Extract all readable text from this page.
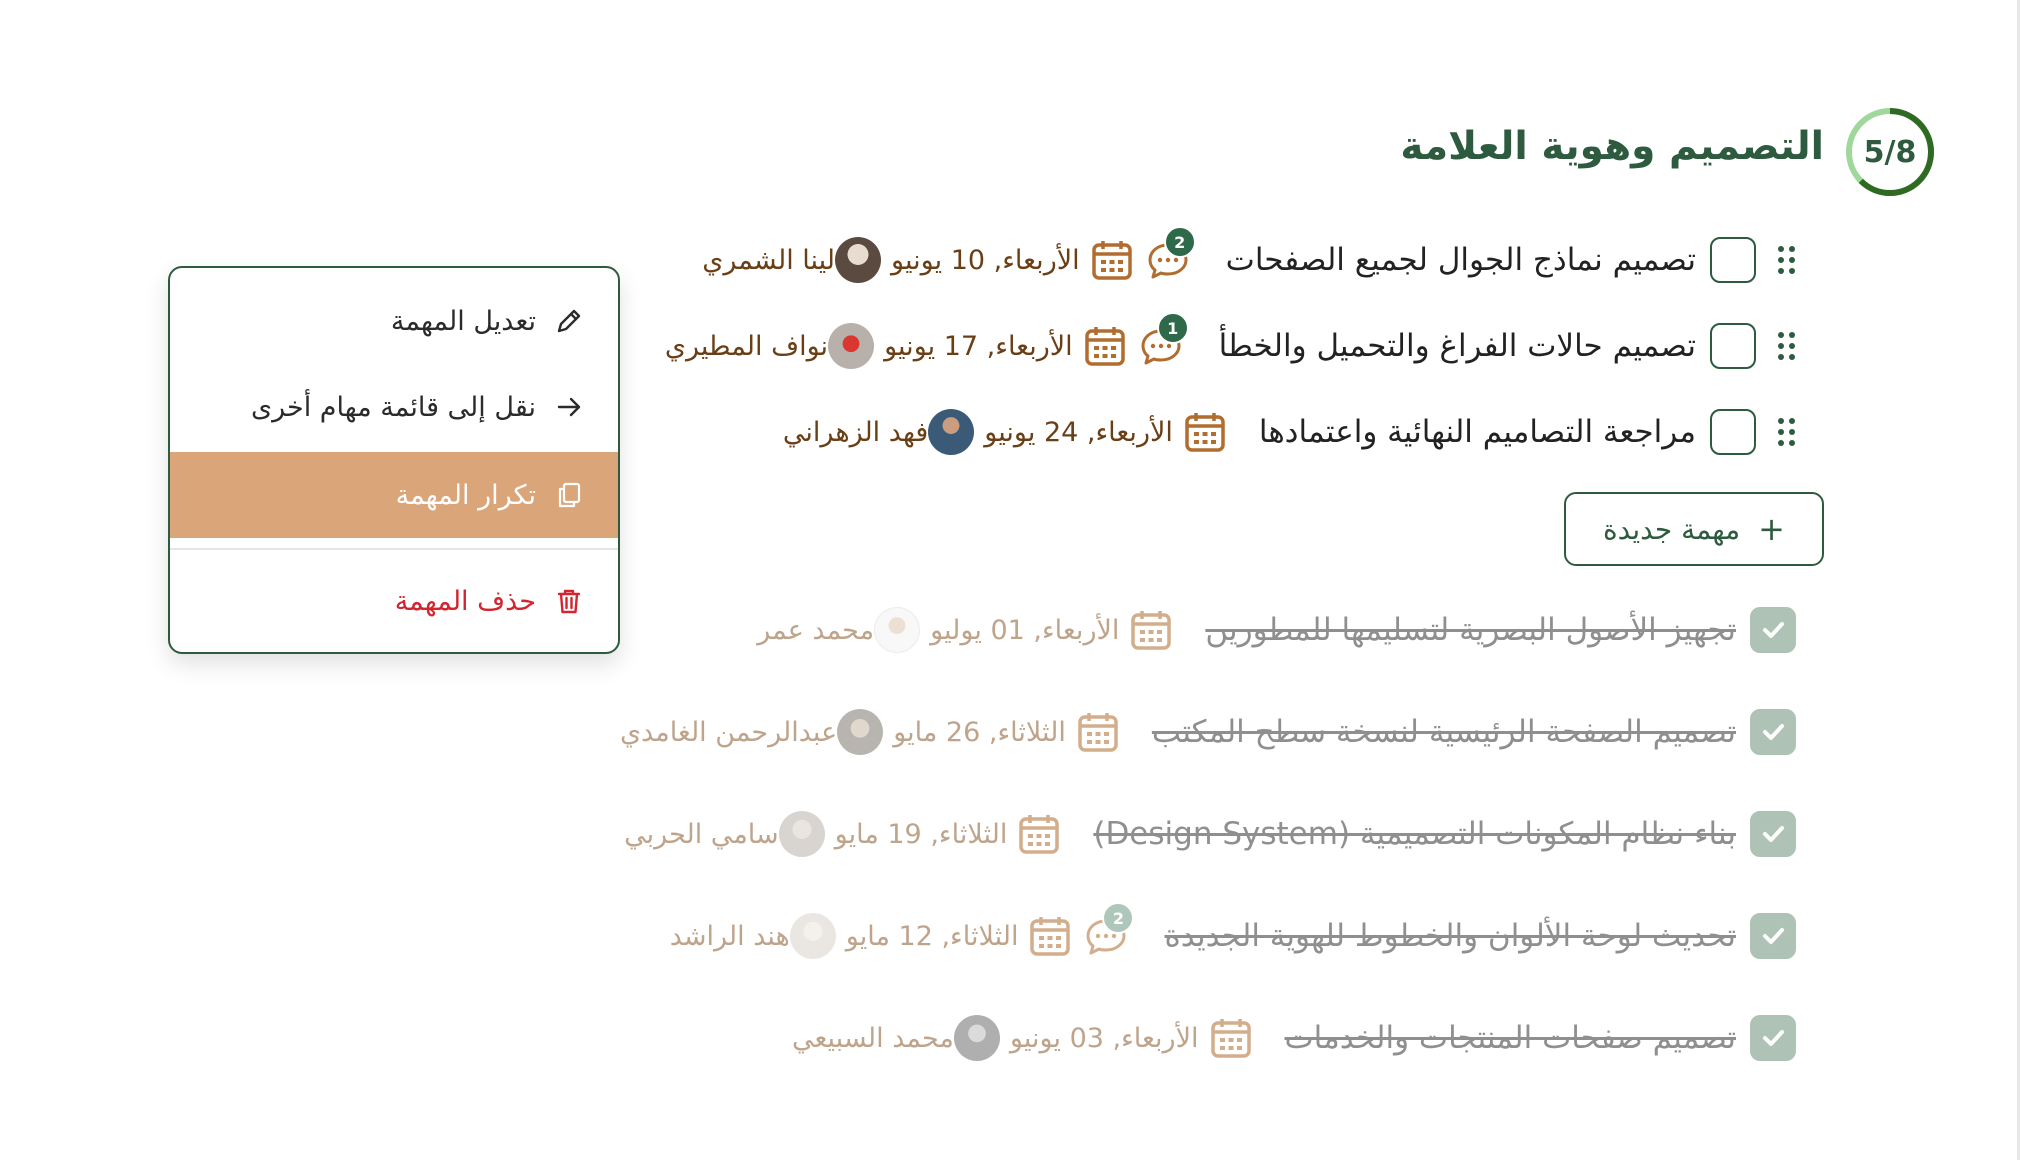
5/8
التصميم وهوية العلامة
تصميم نماذج الجوال لجميع الصفحات
2
الأربعاء, 10 يونيو
لينا الشمري
تصميم حالات الفراغ والتحميل والخطأ
1
الأربعاء, 17 يونيو
نواف المطيري
مراجعة التصاميم النهائية واعتمادها
الأربعاء, 24 يونيو
فهد الزهراني
+
مهمة جديدة
تجهيز الأصول البصرية لتسليمها للمطورين
الأربعاء, 01 يوليو
محمد عمر
تصميم الصفحة الرئيسية لنسخة سطح المكتب
الثلاثاء, 26 مايو
عبدالرحمن الغامدي
بناء نظام المكونات التصميمية (Design System)
الثلاثاء, 19 مايو
سامي الحربي
تحديث لوحة الألوان والخطوط للهوية الجديدة
2
الثلاثاء, 12 مايو
هند الراشد
تصميم صفحات المنتجات والخدمات
الأربعاء, 03 يونيو
محمد السبيعي
تعديل المهمة
نقل إلى قائمة مهام أخرى
تكرار المهمة
حذف المهمة
